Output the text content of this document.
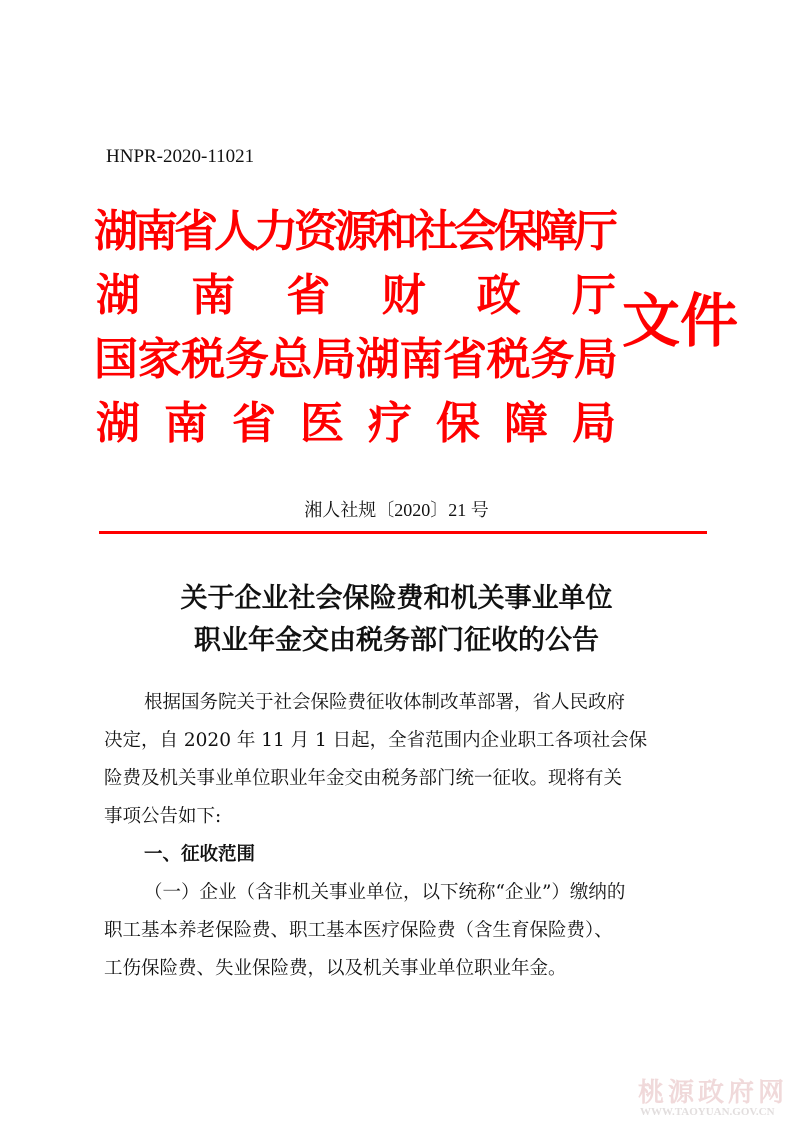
HNPR-2020-11021
湖
南
省
人
力
资
源
和
社
会
保
障
厅
湖 南 省 财 政 厅
国 家 税 务 总 局 湖 南 省 税 务 局
湖 南 省 医 疗 保 障 局
文件
湘人社规〔2020〕21 号
关于企业社会保险费和机关事业单位
职业年金交由税务部门征收的公告

根据国务院关于社会保险费征收体制改革部署，省人民政府
决定，自 2020 年 11 月 1 日起，全省范围内企业职工各项社会保
险费及机关事业单位职业年金交由税务部门统一征收。现将有关
事项公告如下:

一、征收范围

（一）企业（含非机关事业单位，以下统称“企业”）缴纳的
职工基本养老保险费、职工基本医疗保险费（含生育保险费）、
工伤保险费、失业保险费，以及机关事业单位职业年金。

桃源政府网
WWW.TAOYUAN.GOV.CN
